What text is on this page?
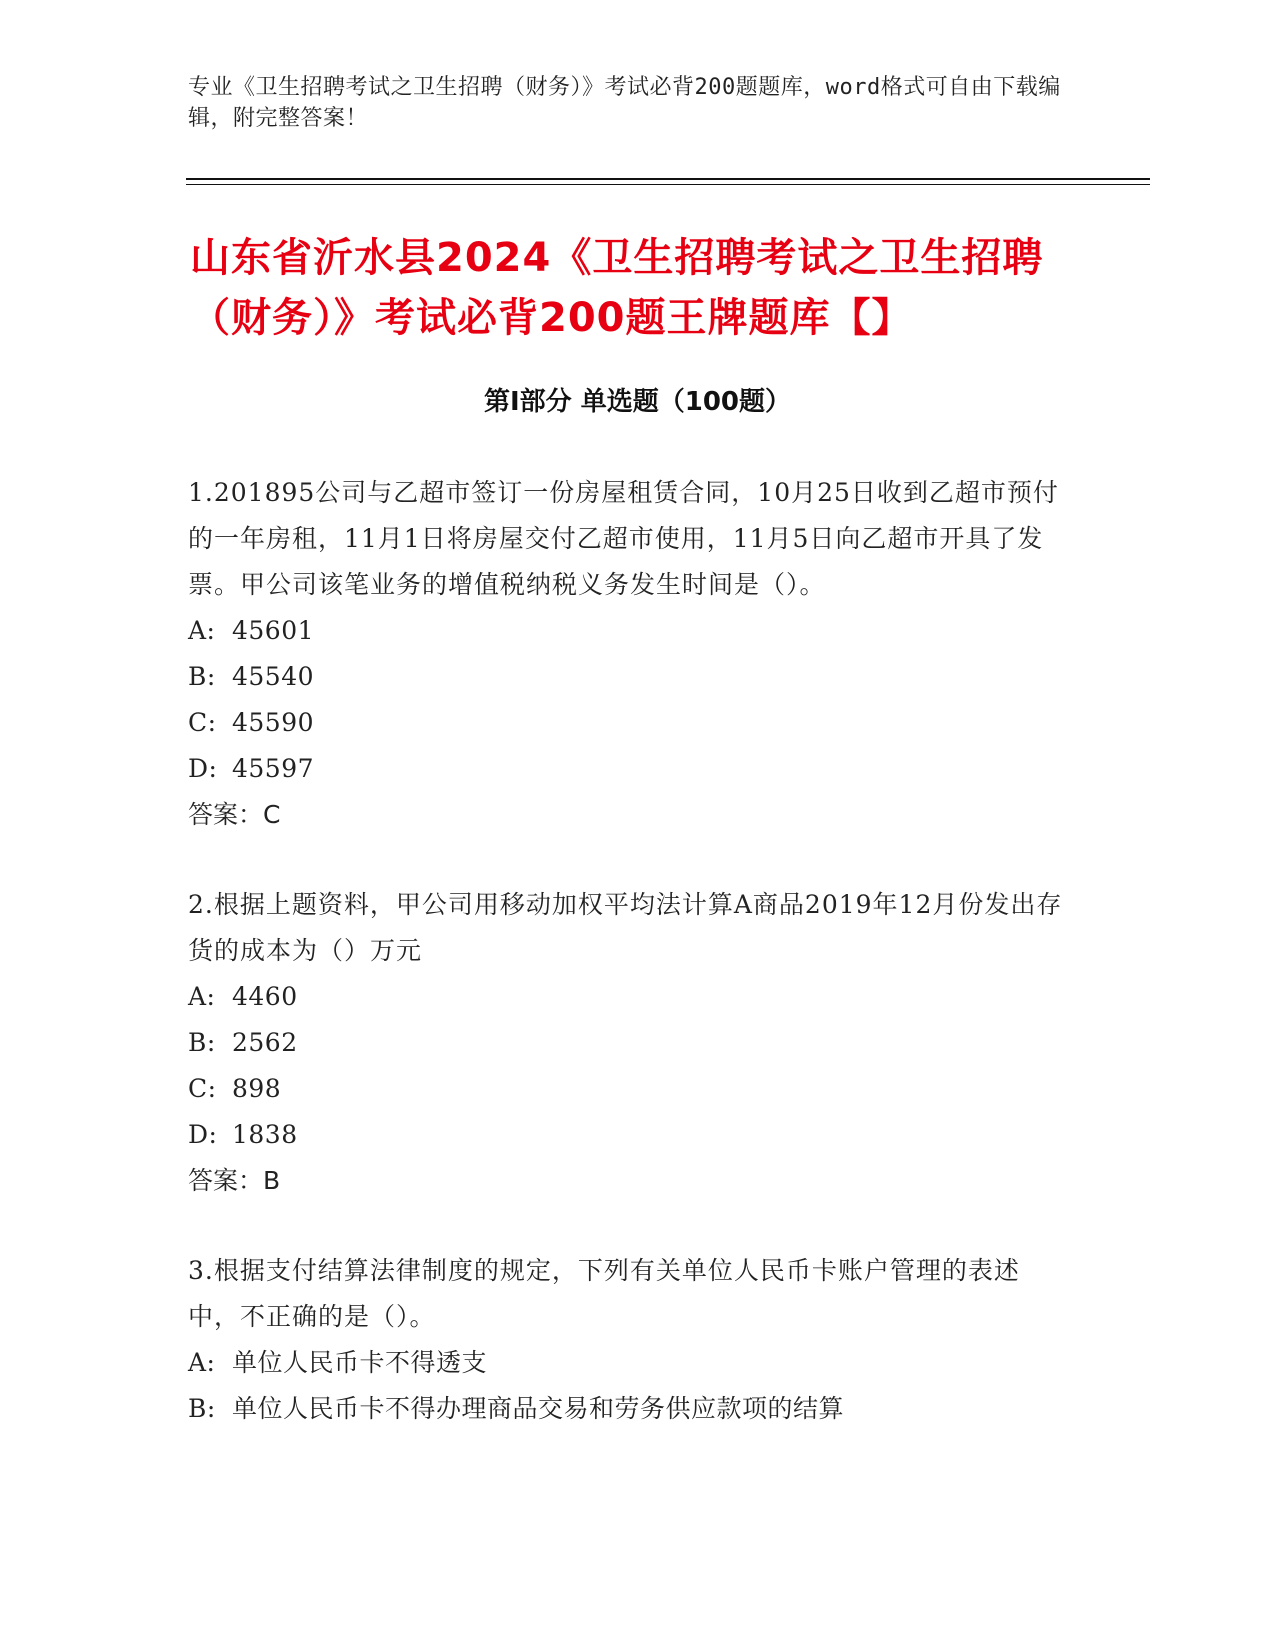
专业《卫生招聘考试之卫生招聘（财务）》考试必背200题题库，word格式可自由下载编辑，附完整答案！
山东省沂水县2024《卫生招聘考试之卫生招聘（财务）》考试必背200题王牌题库【】
第Ⅰ部分 单选题（100题）

1.201895公司与乙超市签订一份房屋租赁合同，10月25日收到乙超市预付的一年房租，11月1日将房屋交付乙超市使用，11月5日向乙超市开具了发票。甲公司该笔业务的增值税纳税义务发生时间是（）。

A: 45601

B: 45540

C: 45590

D: 45597

答案：C

2.根据上题资料，甲公司用移动加权平均法计算A商品2019年12月份发出存货的成本为（）万元

A: 4460

B: 2562

C: 898

D: 1838

答案：B

3.根据支付结算法律制度的规定，下列有关单位人民币卡账户管理的表述中，不正确的是（）。

A: 单位人民币卡不得透支

B: 单位人民币卡不得办理商品交易和劳务供应款项的结算
